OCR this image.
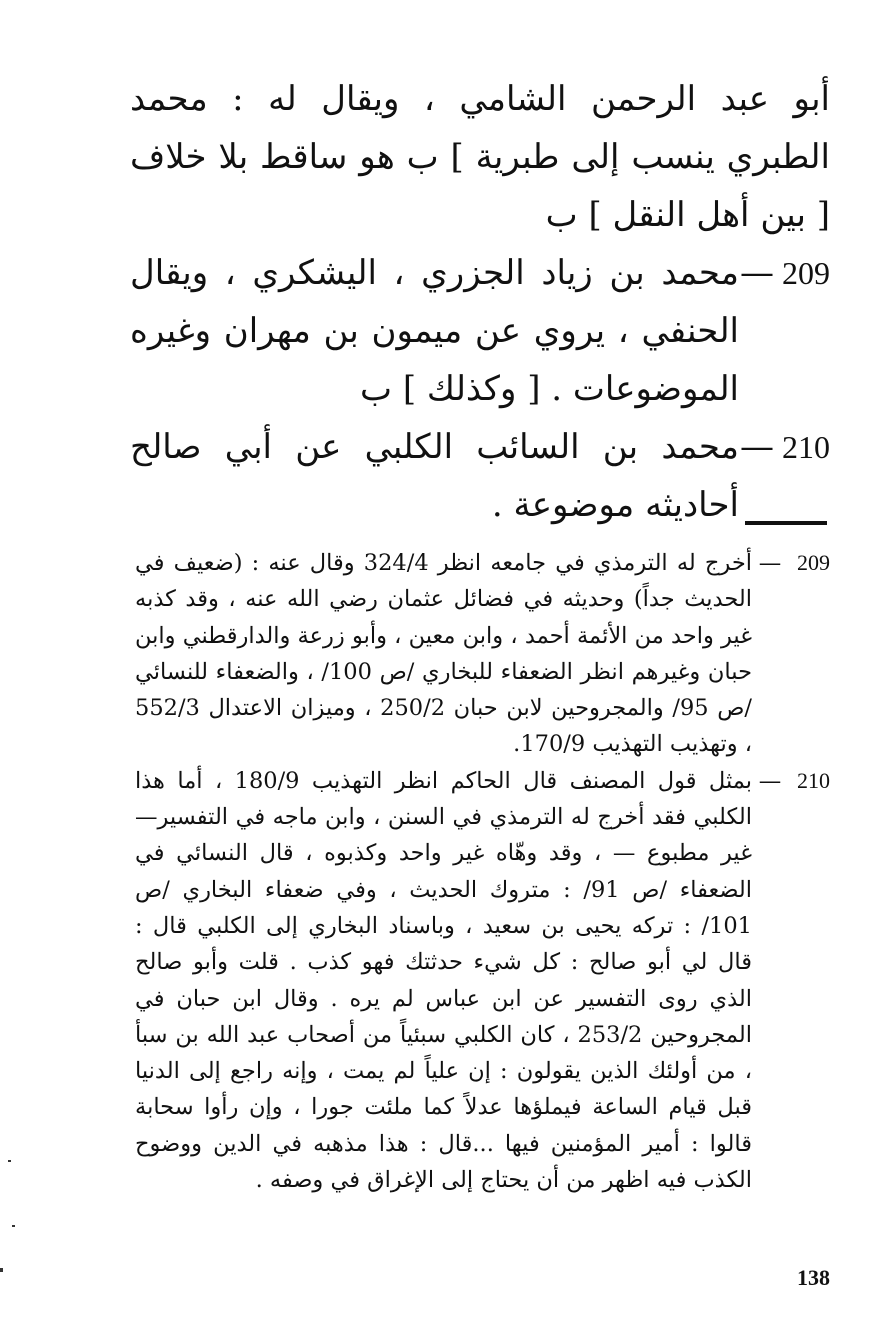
أبو عبد الرحمن الشامي ، ويقال له : محمد الطبري ينسب إلى طبرية ] ب هو ساقط بلا خلاف [ بين أهل النقل ] ب
209
—
محمد بن زياد الجزري ، اليشكري ، ويقال الحنفي ، يروي عن ميمون بن مهران وغيره الموضوعات . [ وكذلك ] ب
210
—
محمد بن السائب الكلبي عن أبي صالح أحاديثه موضوعة .
209
—
أخرج له الترمذي في جامعه انظر 324/4 وقال عنه : (ضعيف في الحديث جداً) وحديثه في فضائل عثمان رضي الله عنه ، وقد كذبه غير واحد من الأئمة أحمد ، وابن معين ، وأبو زرعة والدارقطني وابن حبان وغيرهم انظر الضعفاء للبخاري /ص 100/ ، والضعفاء للنسائي /ص 95/ والمجروحين لابن حبان 250/2 ، وميزان الاعتدال 552/3 ، وتهذيب التهذيب 170/9.
210
—
بمثل قول المصنف قال الحاكم انظر التهذيب 180/9 ، أما هذا الكلبي فقد أخرج له الترمذي في السنن ، وابن ماجه في التفسير— غير مطبوع — ، وقد وهّاه غير واحد وكذبوه ، قال النسائي في الضعفاء /ص 91/ : متروك الحديث ، وفي ضعفاء البخاري /ص 101/ : تركه يحيى بن سعيد ، وباسناد البخاري إلى الكلبي قال : قال لي أبو صالح : كل شيء حدثتك فهو كذب . قلت وأبو صالح الذي روى التفسير عن ابن عباس لم يره . وقال ابن حبان في المجروحين 253/2 ، كان الكلبي سبئياً من أصحاب عبد الله بن سبأ ، من أولئك الذين يقولون : إن علياً لم يمت ، وإنه راجع إلى الدنيا قبل قيام الساعة فيملؤها عدلاً كما ملئت جورا ، وإن رأوا سحابة قالوا : أمير المؤمنين فيها ...قال : هذا مذهبه في الدين ووضوح الكذب فيه اظهر من أن يحتاج إلى الإغراق في وصفه .
138
